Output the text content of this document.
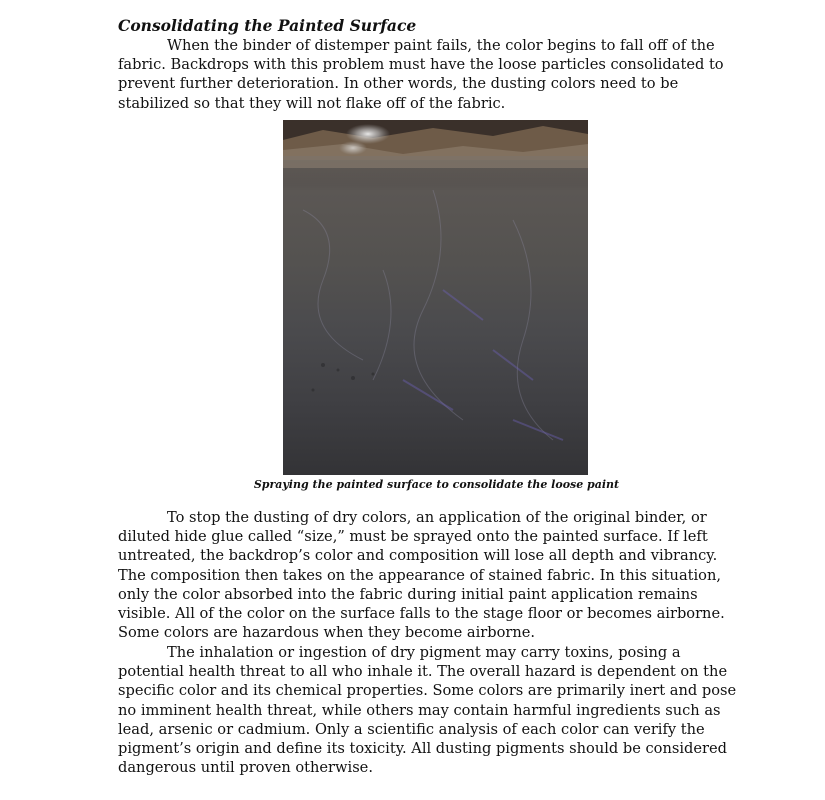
Consolidating the Painted Surface
When the binder of distemper paint fails, the color begins to fall off of the
fabric. Backdrops with this problem must have the loose particles consolidated to
prevent further deterioration. In other words, the dusting colors need to be
stabilized so that they will not flake off of the fabric.
Spraying the painted surface to consolidate the loose paint
To stop the dusting of dry colors, an application of the original binder, or
diluted hide glue called “size,” must be sprayed onto the painted surface. If left
untreated, the backdrop’s color and composition will lose all depth and vibrancy.
The composition then takes on the appearance of stained fabric. In this situation,
only the color absorbed into the fabric during initial paint application remains
visible. All of the color on the surface falls to the stage floor or becomes airborne.
Some colors are hazardous when they become airborne.
The inhalation or ingestion of dry pigment may carry toxins, posing a
potential health threat to all who inhale it. The overall hazard is dependent on the
specific color and its chemical properties. Some colors are primarily inert and pose
no imminent health threat, while others may contain harmful ingredients such as
lead, arsenic or cadmium. Only a scientific analysis of each color can verify the
pigment’s origin and define its toxicity. All dusting pigments should be considered
dangerous until proven otherwise.
